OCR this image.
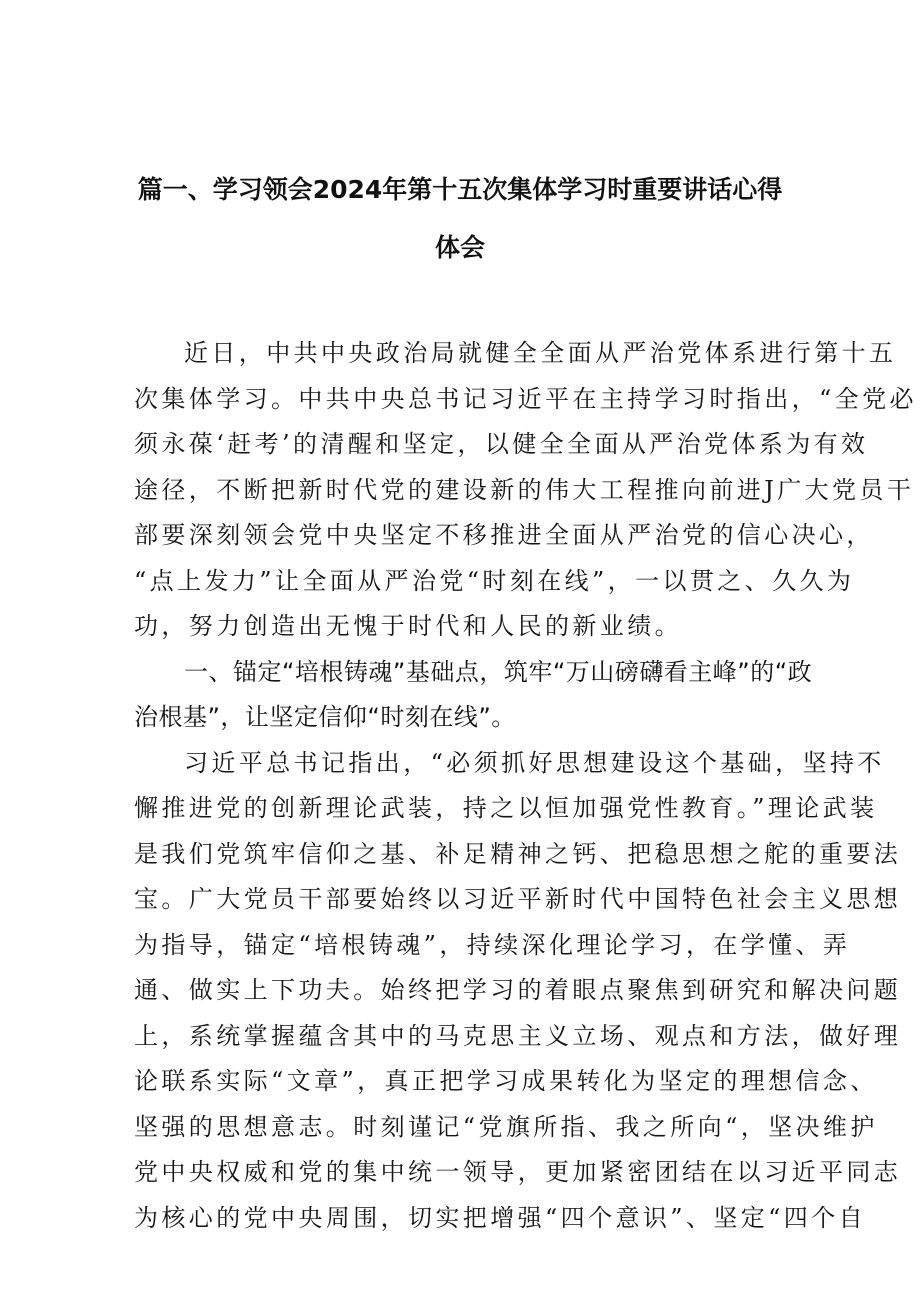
篇一、学习领会2024年第十五次集体学习时重要讲话心得
体会

近日，中共中央政治局就健全全面从严治党体系进行第十五

次集体学习。中共中央总书记习近平在主持学习时指出，“全党必

须永葆‘赶考’的清醒和坚定，以健全全面从严治党体系为有效

途径，不断把新时代党的建设新的伟大工程推向前进J广大党员干

部要深刻领会党中央坚定不移推进全面从严治党的信心决心，

“点上发力”让全面从严治党“时刻在线”，一以贯之、久久为

功，努力创造出无愧于时代和人民的新业绩。

一、锚定“培根铸魂”基础点，筑牢“万山磅礴看主峰”的“政

治根基”，让坚定信仰“时刻在线”。

习近平总书记指出，“必须抓好思想建设这个基础，坚持不

懈推进党的创新理论武装，持之以恒加强党性教育。”理论武装

是我们党筑牢信仰之基、补足精神之钙、把稳思想之舵的重要法

宝。广大党员干部要始终以习近平新时代中国特色社会主义思想

为指导，锚定“培根铸魂”，持续深化理论学习，在学懂、弄

通、做实上下功夫。始终把学习的着眼点聚焦到研究和解决问题

上，系统掌握蕴含其中的马克思主义立场、观点和方法，做好理

论联系实际“文章”，真正把学习成果转化为坚定的理想信念、

坚强的思想意志。时刻谨记“党旗所指、我之所向“，坚决维护

党中央权威和党的集中统一领导，更加紧密团结在以习近平同志

为核心的党中央周围，切实把增强“四个意识”、坚定“四个自
